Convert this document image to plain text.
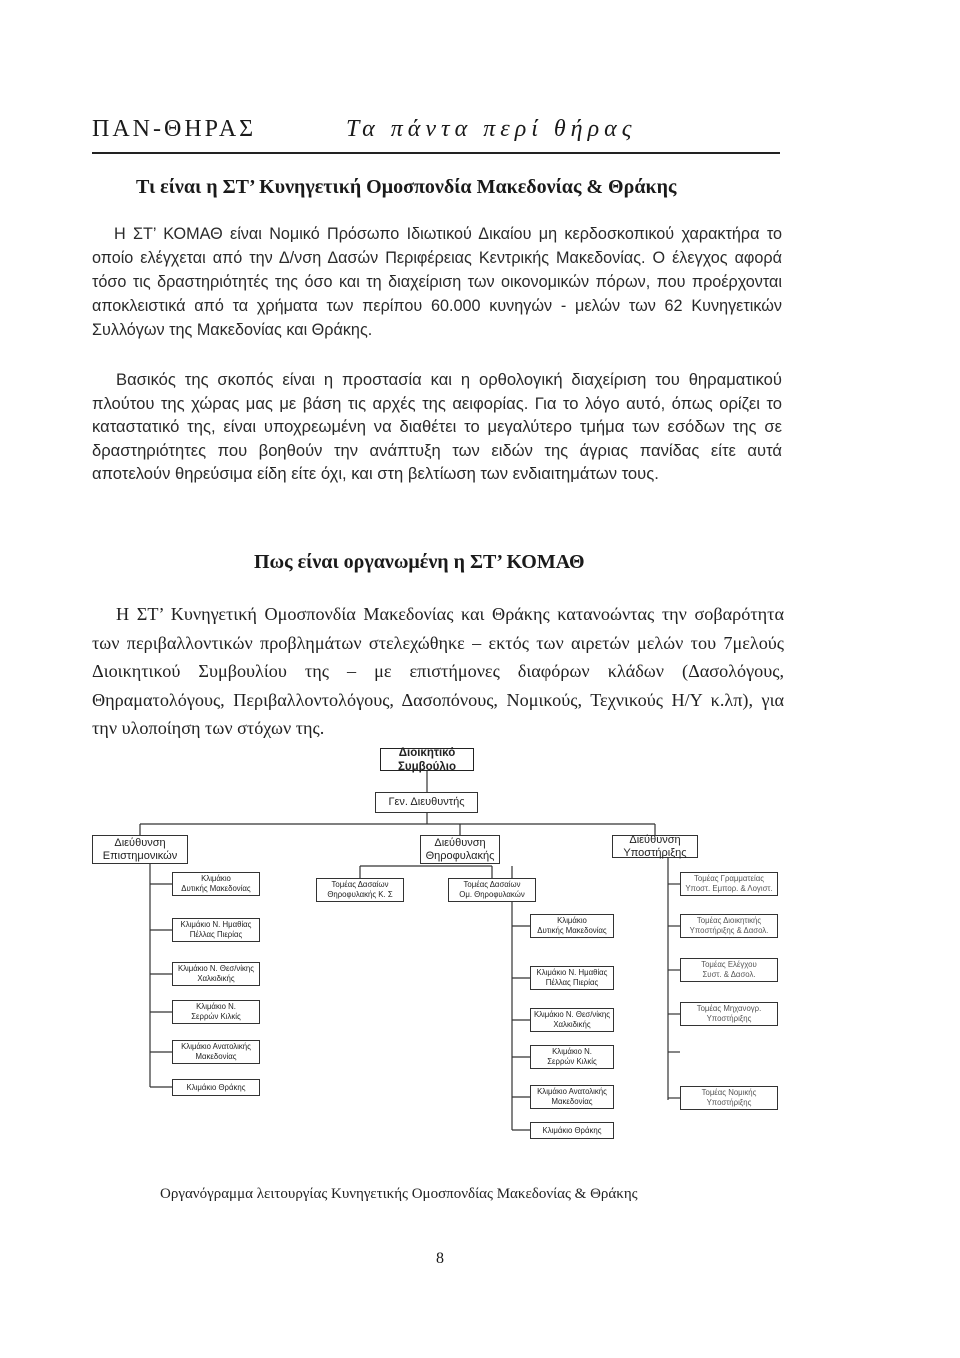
ΠΑΝ-ΘΗΡΑΣ	Τα πάντα περί θήρας
Τι είναι η ΣΤ’ Κυνηγετική Ομοσπονδία Μακεδονίας & Θράκης

Η ΣΤ’ ΚΟΜΑΘ είναι Νομικό Πρόσωπο Ιδιωτικού Δικαίου μη κερδοσκοπικού χαρακτήρα το οποίο ελέγχεται από την Δ/νση Δασών Περιφέρειας Κεντρικής Μακεδονίας. Ο έλεγχος αφορά τόσο τις δραστηριότητές της όσο και τη διαχείριση των οικονομικών πόρων, που προέρχονται αποκλειστικά από τα χρήματα των περίπου 60.000 κυνηγών - μελών των 62 Κυνηγετικών Συλλόγων της Μακεδονίας και Θράκης.

Βασικός της σκοπός είναι η προστασία και η ορθολογική διαχείριση του θηραματικού πλούτου της χώρας μας με βάση τις αρχές της αειφορίας. Για το λόγο αυτό, όπως ορίζει το καταστατικό της, είναι υποχρεωμένη να διαθέτει το μεγαλύτερο τμήμα των εσόδων της σε δραστηριότητες που βοηθούν την ανάπτυξη των ειδών της άγριας πανίδας είτε αυτά αποτελούν θηρεύσιμα είδη είτε όχι, και στη βελτίωση των ενδιαιτημάτων τους.

Πως είναι οργανωμένη η ΣΤ’ ΚΟΜΑΘ

Η ΣΤ’ Κυνηγετική Ομοσπονδία Μακεδονίας και Θράκης κατανοώντας την σοβαρότητα των περιβαλλοντικών προβλημάτων στελεχώθηκε – εκτός των αιρετών μελών του 7μελούς Διοικητικού Συμβουλίου της – με επιστήμονες διαφόρων κλάδων (Δασολόγους, Θηραματολόγους, Περιβαλλοντολόγους, Δασοπόνους, Νομικούς, Τεχνικούς Η/Υ κ.λπ), για την υλοποίηση των στόχων της.

Διοικητικό
Συμβούλιο
Γεν. Διευθυντής
Διεύθυνση
Επιστημονικών
Διεύθυνση
Θηροφυλακής
Διεύθυνση
Υποστήριξης
Κλιμάκιο
Δυτικής Μακεδονίας
Κλιμάκιο Ν. Ημαθίας
Πέλλας Πιερίας
Κλιμάκιο Ν. Θεσ/νίκης
Χαλκιδικής
Κλιμάκιο Ν.
Σερρών Κιλκίς
Κλιμάκιο Ανατολικής
Μακεδονίας
Κλιμάκιο Θράκης
Τομέας Δασαίων
Θηροφυλακής Κ. Σ
Τομέας Δασαίων
Ομ. Θηροφυλακών
Κλιμάκιο
Δυτικής Μακεδονίας
Κλιμάκιο Ν. Ημαθίας
Πέλλας Πιερίας
Κλιμάκιο Ν. Θεσ/νίκης
Χαλκιδικής
Κλιμάκιο Ν.
Σερρών Κιλκίς
Κλιμάκιο Ανατολικής
Μακεδονίας
Κλιμάκιο Θράκης
Τομέας Γραμματείας
Υποστ. Εμπορ. & Λογιστ.
Τομέας Διοικητικής
Υποστήριξης & Δασολ.
Τομέας Ελέγχου
Συστ. & Δασολ.
Τομέας Μηχανογρ.
Υποστήριξης
Τομέας Νομικής
Υποστήριξης

Οργανόγραμμα λειτουργίας Κυνηγετικής Ομοσπονδίας Μακεδονίας & Θράκης

8
